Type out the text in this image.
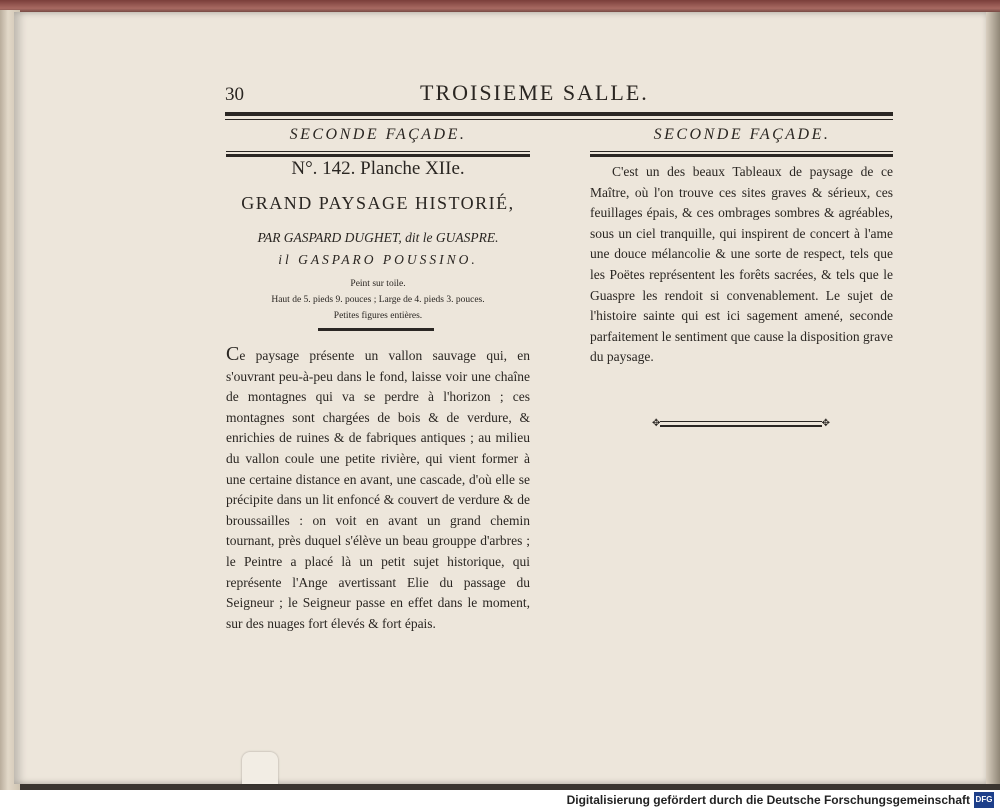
30	TROISIEME SALLE.
SECONDE FAÇADE.
N°. 142. Planche XIIe.
GRAND PAYSAGE HISTORIÉ,
PAR GASPARD DUGHET, dit le GUASPRE.
il GASPARO POUSSINO.
Peint sur toile.
Haut de 5. pieds 9. pouces ; Large de 4. pieds 3. pouces.
Petites figures entières.

Ce paysage présente un vallon sauvage qui, en s'ouvrant peu-à-peu dans le fond, laisse voir une chaîne de montagnes qui va se perdre à l'horizon ; ces montagnes sont chargées de bois & de verdure, & enrichies de ruines & de fabriques antiques ; au milieu du vallon coule une petite rivière, qui vient former à une certaine distance en avant, une cascade, d'où elle se précipite dans un lit enfoncé & couvert de verdure & de broussailles : on voit en avant un grand chemin tournant, près duquel s'élève un beau grouppe d'arbres ; le Peintre a placé là un petit sujet historique, qui représente l'Ange avertissant Elie du passage du Seigneur ; le Seigneur passe en effet dans le moment, sur des nuages fort élevés & fort épais.

SECONDE FAÇADE.

C'est un des beaux Tableaux de paysage de ce Maître, où l'on trouve ces sites graves & sérieux, ces feuillages épais, & ces ombrages sombres & agréables, sous un ciel tranquille, qui inspirent de concert à l'ame une douce mélancolie & une sorte de respect, tels que les Poëtes représentent les forêts sacrées, & tels que le Guaspre les rendoit si convenablement. Le sujet de l'histoire sainte qui est ici sagement amené, seconde parfaitement le sentiment que cause la disposition grave du paysage.

✥	✥
Digitalisierung gefördert durch die Deutsche Forschungsgemeinschaft DFG
